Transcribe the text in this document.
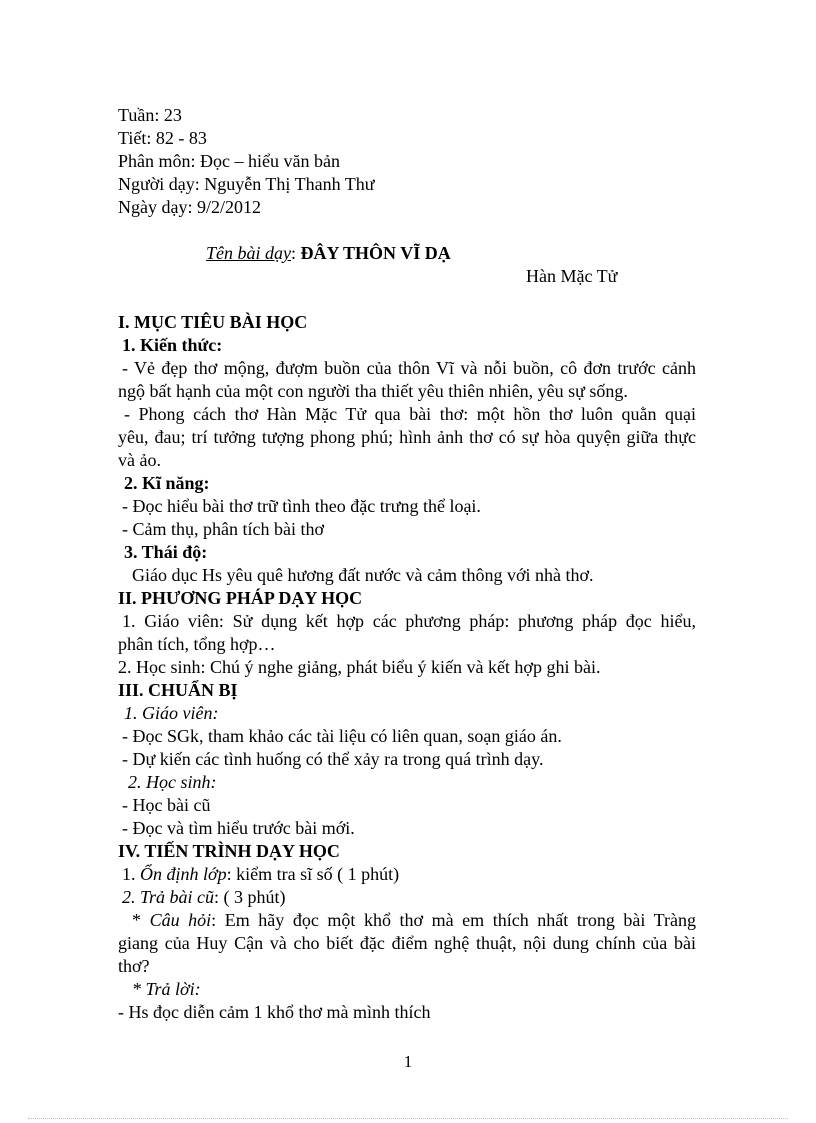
Tuần: 23
Tiết: 82 - 83
Phân môn: Đọc – hiểu văn bản
Người dạy: Nguyễn Thị Thanh Thư
Ngày dạy: 9/2/2012
Tên bài dạy: ĐÂY THÔN VĨ DẠ
Hàn Mặc Tử
I. MỤC TIÊU BÀI HỌC
1. Kiến thức:
- Vẻ đẹp thơ mộng, đượm buồn của thôn Vĩ và nỗi buồn, cô đơn trước cảnh
ngộ bất hạnh của một con người tha thiết yêu thiên nhiên, yêu sự sống.
- Phong cách thơ Hàn Mặc Tử qua bài thơ: một hồn thơ luôn quằn quại
yêu, đau; trí tưởng tượng phong phú; hình ảnh thơ có sự hòa quyện giữa thực
và ảo.
2. Kĩ năng:
- Đọc hiểu bài thơ trữ tình theo đặc trưng thể loại.
- Cảm thụ, phân tích bài thơ
3. Thái độ:
Giáo dục Hs yêu quê hương đất nước và cảm thông với nhà thơ.
II. PHƯƠNG PHÁP DẠY HỌC
1. Giáo viên: Sử dụng kết hợp các phương pháp: phương pháp đọc hiểu,
phân tích, tổng hợp…
2. Học sinh: Chú ý nghe giảng, phát biểu ý kiến và kết hợp ghi bài.
III. CHUẨN BỊ
1. Giáo viên:
- Đọc SGk, tham khảo các tài liệu có liên quan, soạn giáo án.
- Dự kiến các tình huống có thể xảy ra trong quá trình dạy.
2. Học sinh:
- Học bài cũ
- Đọc và tìm hiểu trước bài mới.
IV. TIẾN TRÌNH DẠY HỌC
1. Ổn định lớp: kiểm tra sĩ số ( 1 phút)
2. Trả bài cũ: ( 3 phút)
* Câu hỏi: Em hãy đọc một khổ thơ mà em thích nhất trong bài Tràng
giang của Huy Cận và cho biết đặc điểm nghệ thuật, nội dung chính của bài
thơ?
* Trả lời:
- Hs đọc diễn cảm 1 khổ thơ mà mình thích
1
